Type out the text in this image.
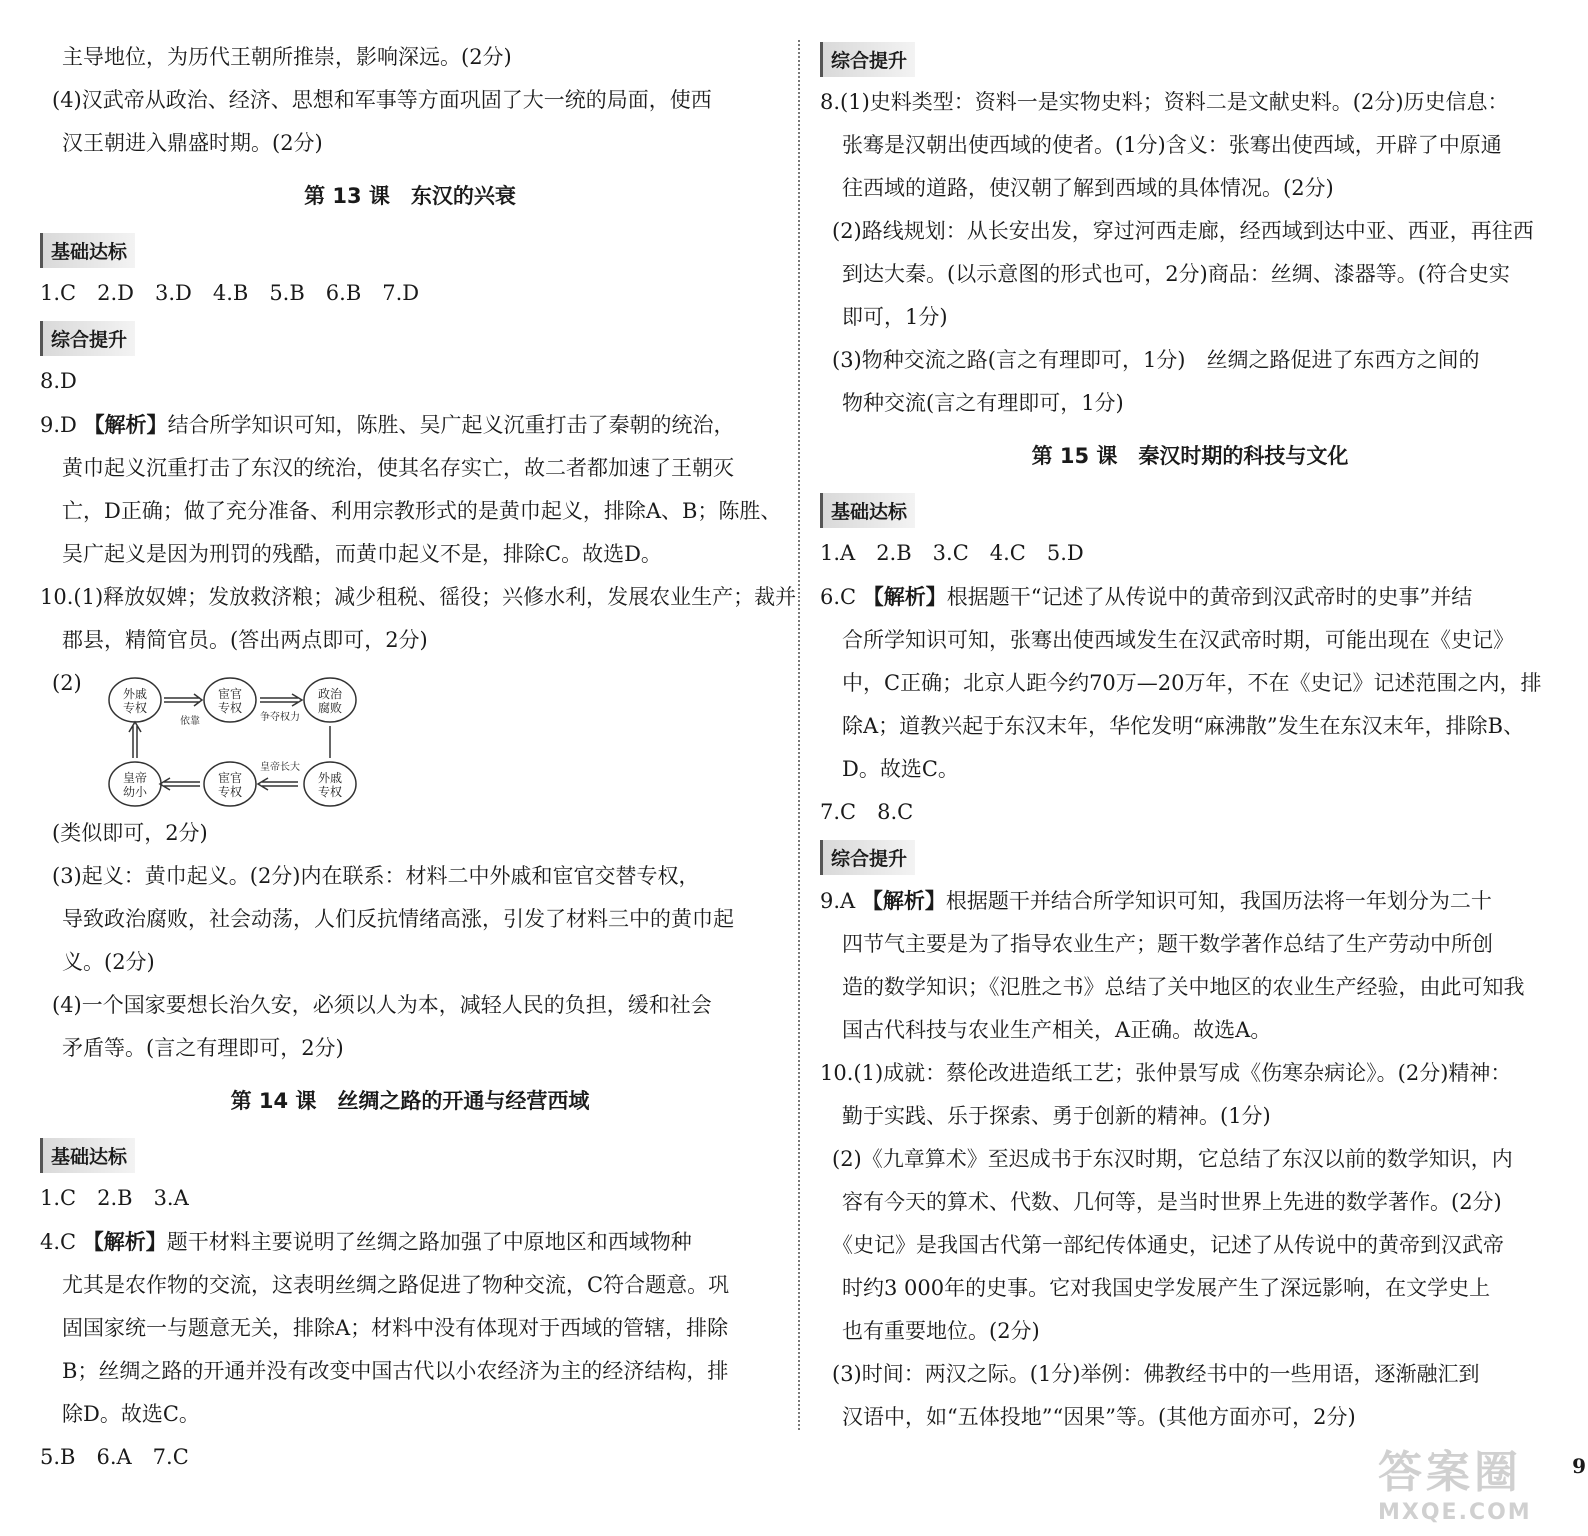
主导地位，为历代王朝所推崇，影响深远。(2分)
(4)汉武帝从政治、经济、思想和军事等方面巩固了大一统的局面，使西
汉王朝进入鼎盛时期。(2分)
第 13 课　东汉的兴衰
基础达标
1.C　2.D　3.D　4.B　5.B　6.B　7.D
综合提升
8.D
9.D 【解析】结合所学知识可知，陈胜、吴广起义沉重打击了秦朝的统治，
黄巾起义沉重打击了东汉的统治，使其名存实亡，故二者都加速了王朝灭
亡，D正确；做了充分准备、利用宗教形式的是黄巾起义，排除A、B；陈胜、
吴广起义是因为刑罚的残酷，而黄巾起义不是，排除C。故选D。
10.(1)释放奴婢；发放救济粮；减少租税、徭役；兴修水利，发展农业生产；裁并
郡县，精简官员。(答出两点即可，2分)
(2)	外戚
专权
宦官
专权
政治
腐败
皇帝
幼小
宦官
专权
外戚
专权
争夺权力
依靠
皇帝长大
(类似即可，2分)
(3)起义：黄巾起义。(2分)内在联系：材料二中外戚和宦官交替专权，
导致政治腐败，社会动荡，人们反抗情绪高涨，引发了材料三中的黄巾起
义。(2分)
(4)一个国家要想长治久安，必须以人为本，减轻人民的负担，缓和社会
矛盾等。(言之有理即可，2分)
第 14 课　丝绸之路的开通与经营西域
基础达标
1.C　2.B　3.A
4.C 【解析】题干材料主要说明了丝绸之路加强了中原地区和西域物种
尤其是农作物的交流，这表明丝绸之路促进了物种交流，C符合题意。巩
固国家统一与题意无关，排除A；材料中没有体现对于西域的管辖，排除
B；丝绸之路的开通并没有改变中国古代以小农经济为主的经济结构，排
除D。故选C。
5.B　6.A　7.C
综合提升
8.(1)史料类型：资料一是实物史料；资料二是文献史料。(2分)历史信息：
张骞是汉朝出使西域的使者。(1分)含义：张骞出使西域，开辟了中原通
往西域的道路，使汉朝了解到西域的具体情况。(2分)
(2)路线规划：从长安出发，穿过河西走廊，经西域到达中亚、西亚，再往西
到达大秦。(以示意图的形式也可，2分)商品：丝绸、漆器等。(符合史实
即可，1分)
(3)物种交流之路(言之有理即可，1分)　丝绸之路促进了东西方之间的
物种交流(言之有理即可，1分)
第 15 课　秦汉时期的科技与文化
基础达标
1.A　2.B　3.C　4.C　5.D
6.C 【解析】根据题干“记述了从传说中的黄帝到汉武帝时的史事”并结
合所学知识可知，张骞出使西域发生在汉武帝时期，可能出现在《史记》
中，C正确；北京人距今约70万—20万年，不在《史记》记述范围之内，排
除A；道教兴起于东汉末年，华佗发明“麻沸散”发生在东汉末年，排除B、
D。故选C。
7.C　8.C
综合提升
9.A 【解析】根据题干并结合所学知识可知，我国历法将一年划分为二十
四节气主要是为了指导农业生产；题干数学著作总结了生产劳动中所创
造的数学知识；《氾胜之书》总结了关中地区的农业生产经验，由此可知我
国古代科技与农业生产相关，A正确。故选A。
10.(1)成就：蔡伦改进造纸工艺；张仲景写成《伤寒杂病论》。(2分)精神：
勤于实践、乐于探索、勇于创新的精神。(1分)
(2)《九章算术》至迟成书于东汉时期，它总结了东汉以前的数学知识，内
容有今天的算术、代数、几何等，是当时世界上先进的数学著作。(2分)
《史记》是我国古代第一部纪传体通史，记述了从传说中的黄帝到汉武帝
时约3 000年的史事。它对我国史学发展产生了深远影响，在文学史上
也有重要地位。(2分)
(3)时间：两汉之际。(1分)举例：佛教经书中的一些用语，逐渐融汇到
汉语中，如“五体投地”“因果”等。(其他方面亦可，2分)
9
答案圈
MXQE.COM
